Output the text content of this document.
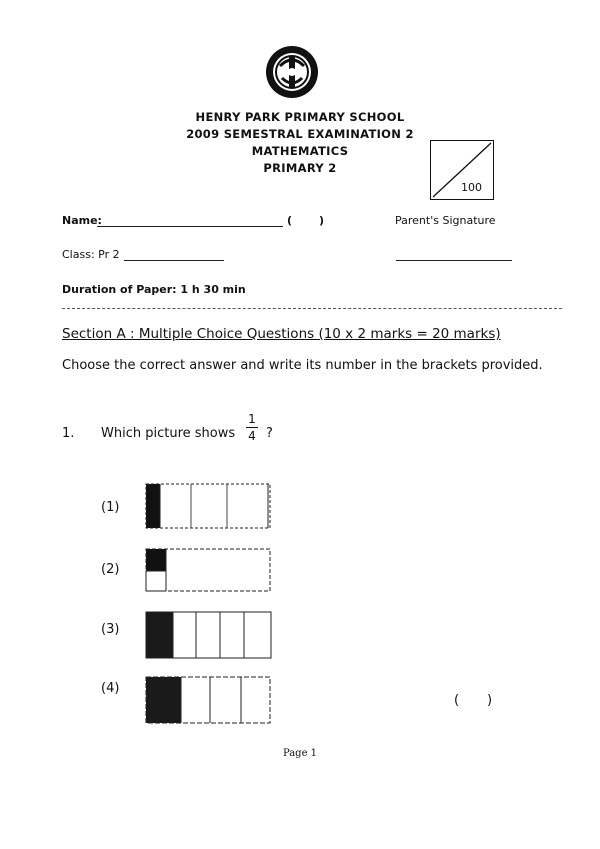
HENRY PARK PRIMARY SCHOOL
2009 SEMESTRAL EXAMINATION 2
MATHEMATICS
PRIMARY 2
100
Name:	( )	Parent's Signature
Class: Pr 2
Duration of Paper: 1 h 30 min
Section A : Multiple Choice Questions (10 x 2 marks = 20 marks)
Choose the correct answer and write its number in the brackets provided.
1. Which picture shows
1
4 ?
(1)
(2)
(3)
(4)
( )
Page 1
